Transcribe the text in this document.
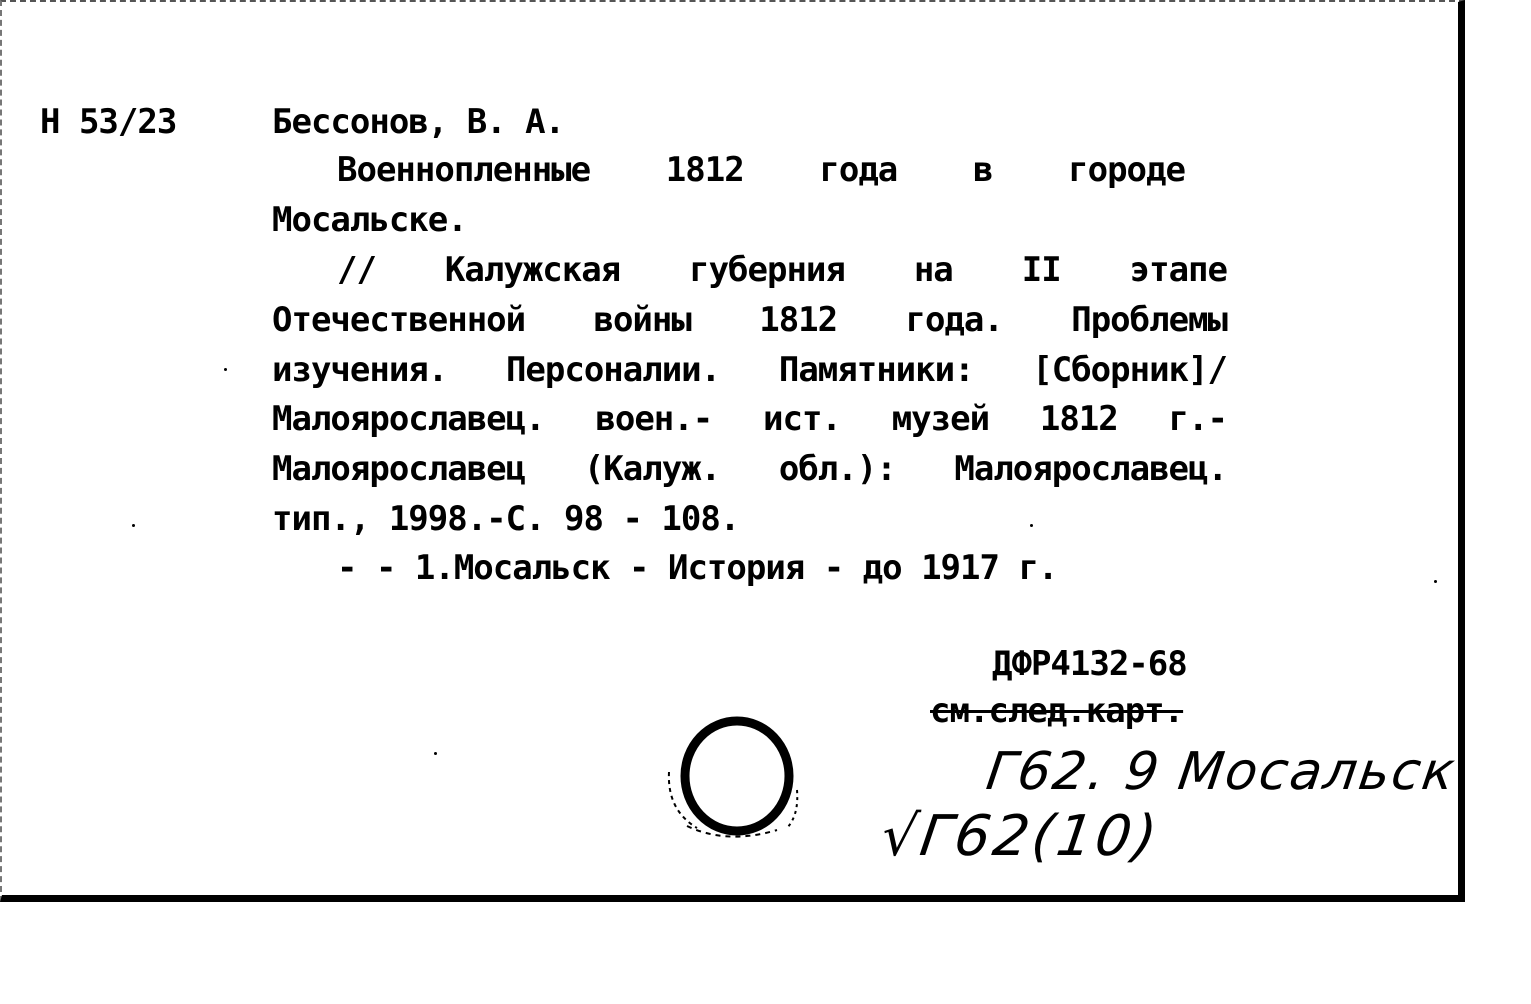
Н 53/23	Бессонов, В. А.
Военнопленные 1812 года в городе
Мосальске.
// Калужская губерния на II этапе
Отечественной войны 1812 года. Проблемы
изучения. Персоналии. Памятники: [Сборник]/
Малоярославец. воен.- ист. музей 1812 г.-
Малоярославец (Калуж. обл.): Малоярославец.
тип., 1998.-С. 98 - 108.
- - 1.Мосальск - История - до 1917 г.
ДФР4132-68
см.след.карт.
Г62. 9 Мосальск
√Г62(10)
